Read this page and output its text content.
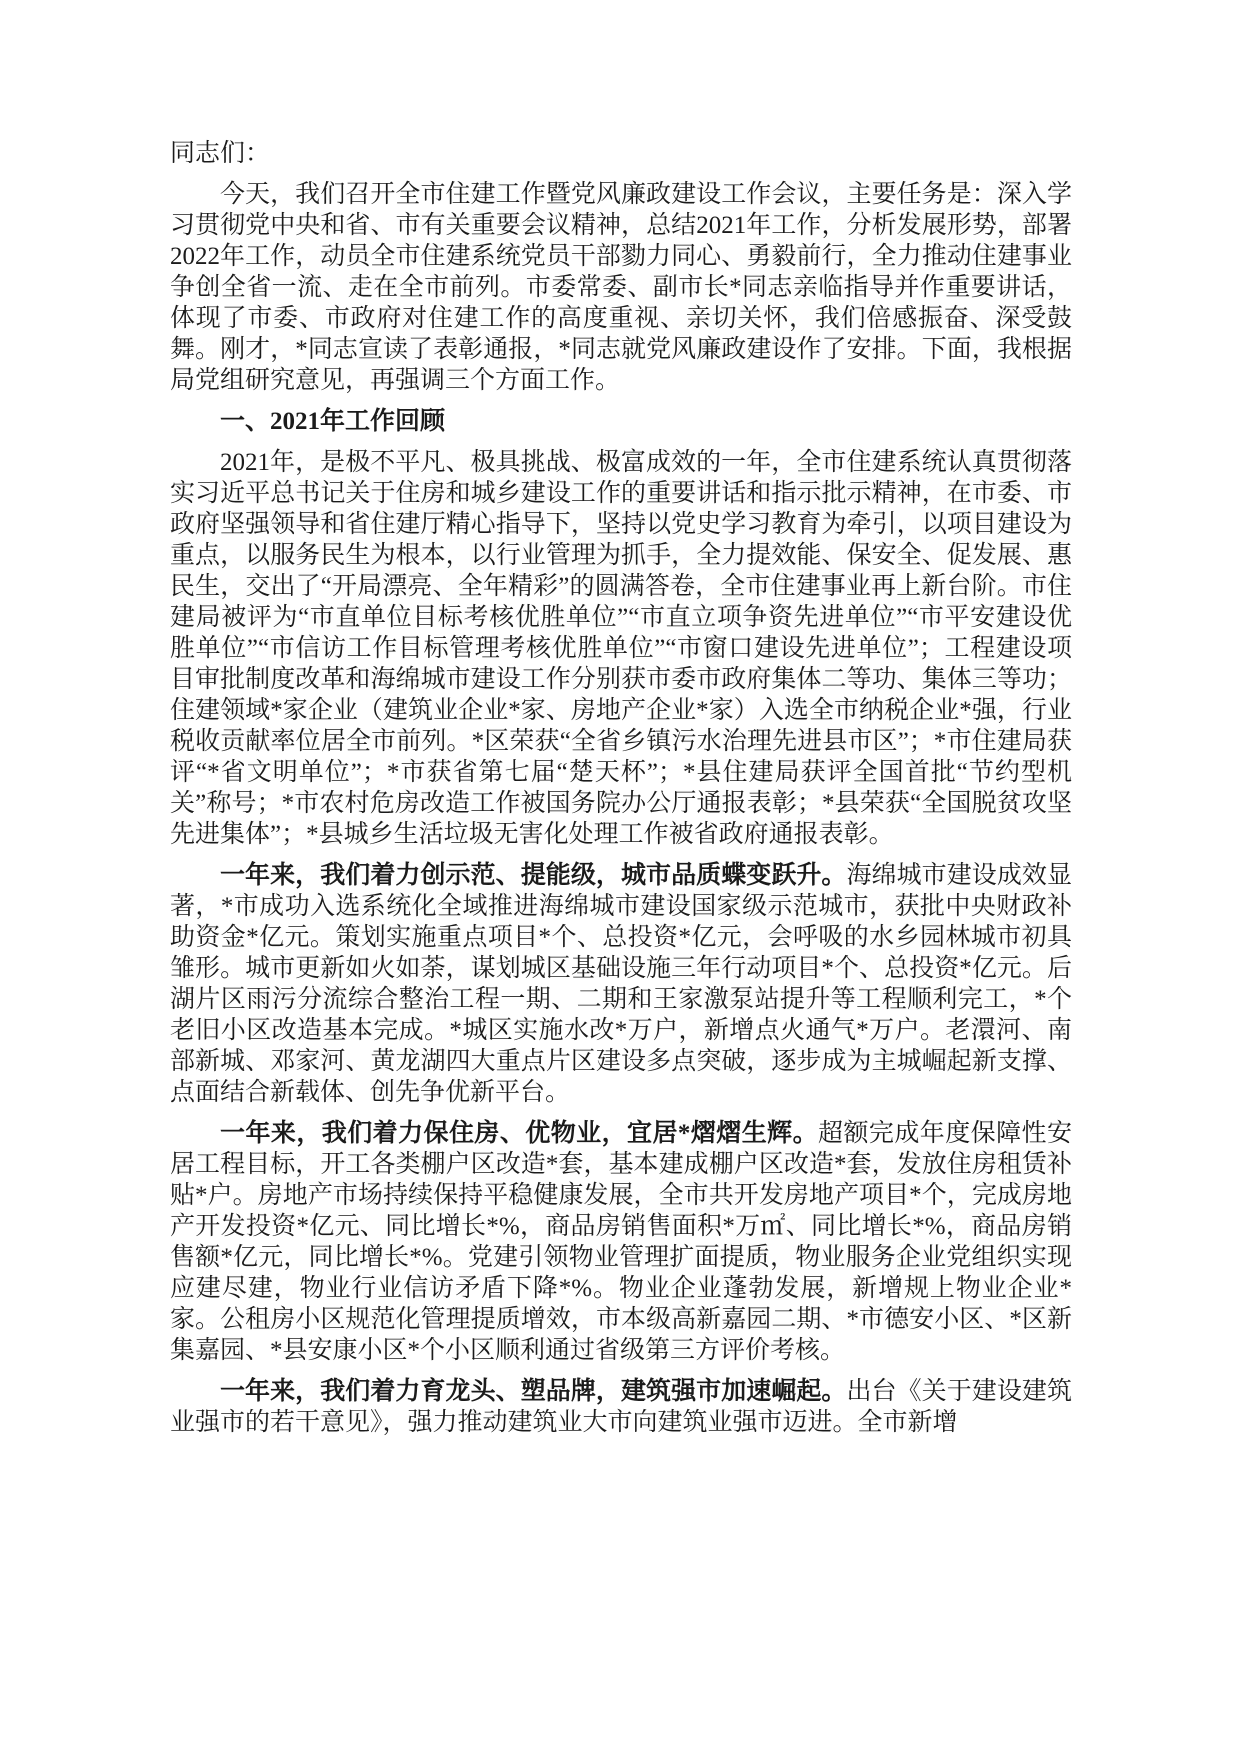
同志们：

今天，我们召开全市住建工作暨党风廉政建设工作会议，主要任务是：深入学习贯彻党中央和省、市有关重要会议精神，总结2021年工作，分析发展形势，部署2022年工作，动员全市住建系统党员干部勠力同心、勇毅前行，全力推动住建事业争创全省一流、走在全市前列。市委常委、副市长*同志亲临指导并作重要讲话，体现了市委、市政府对住建工作的高度重视、亲切关怀，我们倍感振奋、深受鼓舞。刚才，*同志宣读了表彰通报，*同志就党风廉政建设作了安排。下面，我根据局党组研究意见，再强调三个方面工作。

一、2021年工作回顾

2021年，是极不平凡、极具挑战、极富成效的一年，全市住建系统认真贯彻落实习近平总书记关于住房和城乡建设工作的重要讲话和指示批示精神，在市委、市政府坚强领导和省住建厅精心指导下，坚持以党史学习教育为牵引，以项目建设为重点，以服务民生为根本，以行业管理为抓手，全力提效能、保安全、促发展、惠民生，交出了“开局漂亮、全年精彩”的圆满答卷，全市住建事业再上新台阶。市住建局被评为“市直单位目标考核优胜单位”“市直立项争资先进单位”“市平安建设优胜单位”“市信访工作目标管理考核优胜单位”“市窗口建设先进单位”；工程建设项目审批制度改革和海绵城市建设工作分别获市委市政府集体二等功、集体三等功；住建领域*家企业（建筑业企业*家、房地产企业*家）入选全市纳税企业*强，行业税收贡献率位居全市前列。*区荣获“全省乡镇污水治理先进县市区”；*市住建局获评“*省文明单位”；*市获省第七届“楚天杯”；*县住建局获评全国首批“节约型机关”称号；*市农村危房改造工作被国务院办公厅通报表彰；*县荣获“全国脱贫攻坚先进集体”；*县城乡生活垃圾无害化处理工作被省政府通报表彰。

一年来，我们着力创示范、提能级，城市品质蝶变跃升。海绵城市建设成效显著，*市成功入选系统化全域推进海绵城市建设国家级示范城市，获批中央财政补助资金*亿元。策划实施重点项目*个、总投资*亿元，会呼吸的水乡园林城市初具雏形。城市更新如火如荼，谋划城区基础设施三年行动项目*个、总投资*亿元。后湖片区雨污分流综合整治工程一期、二期和王家激泵站提升等工程顺利完工，*个老旧小区改造基本完成。*城区实施水改*万户，新增点火通气*万户。老澴河、南部新城、邓家河、黄龙湖四大重点片区建设多点突破，逐步成为主城崛起新支撑、点面结合新载体、创先争优新平台。

一年来，我们着力保住房、优物业，宜居*熠熠生辉。超额完成年度保障性安居工程目标，开工各类棚户区改造*套，基本建成棚户区改造*套，发放住房租赁补贴*户。房地产市场持续保持平稳健康发展，全市共开发房地产项目*个，完成房地产开发投资*亿元、同比增长*%，商品房销售面积*万㎡、同比增长*%，商品房销售额*亿元，同比增长*%。党建引领物业管理扩面提质，物业服务企业党组织实现应建尽建，物业行业信访矛盾下降*%。物业企业蓬勃发展，新增规上物业企业*家。公租房小区规范化管理提质增效，市本级高新嘉园二期、*市德安小区、*区新集嘉园、*县安康小区*个小区顺利通过省级第三方评价考核。

一年来，我们着力育龙头、塑品牌，建筑强市加速崛起。出台《关于建设建筑业强市的若干意见》，强力推动建筑业大市向建筑业强市迈进。全市新增
